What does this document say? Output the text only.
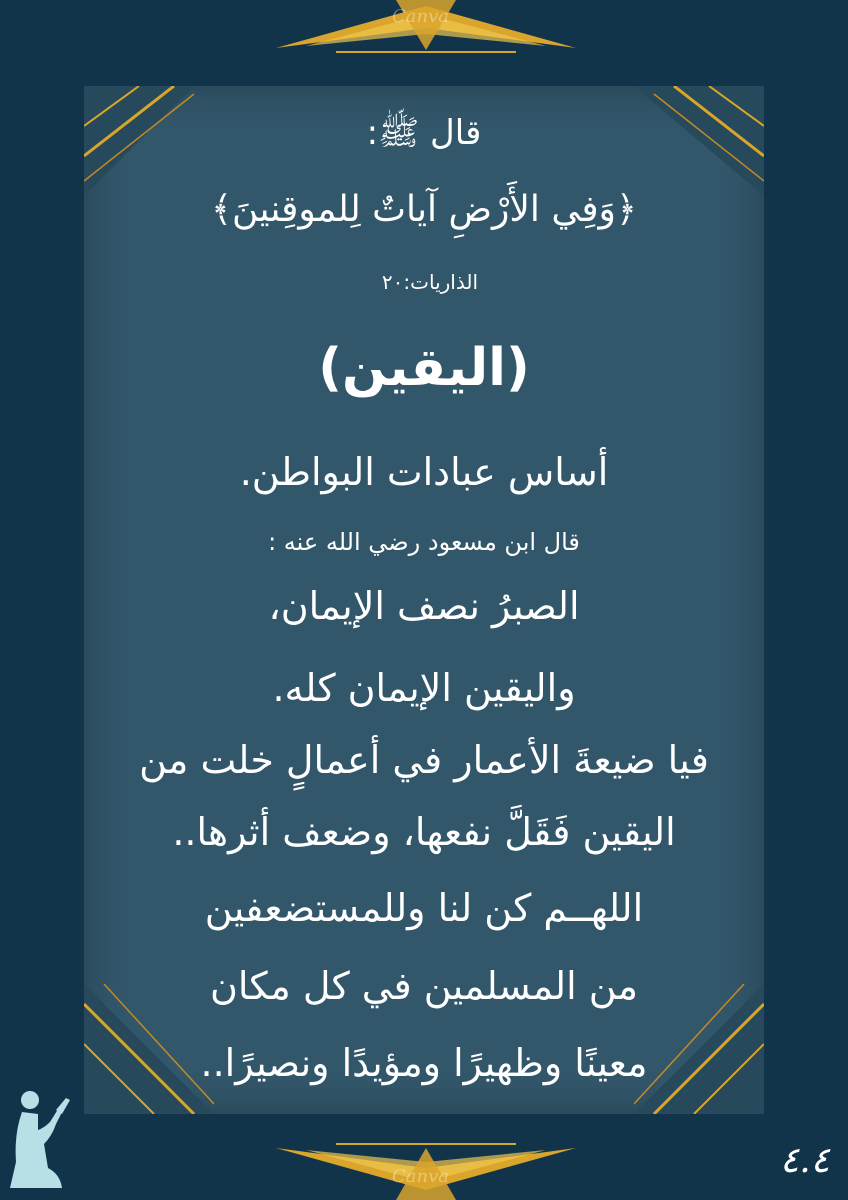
قال ﷺ:
﴿وَفِي الأَرْضِ آياتٌ لِلموقِنينَ﴾
الذاريات:٢٠
(اليقين)
أساس عبادات البواطن.
قال ابن مسعود رضي الله عنه :
الصبرُ نصف الإيمان،
واليقين الإيمان كله.
فيا ضيعةَ الأعمار في أعمالٍ خلت من
اليقين فَقَلَّ نفعها، وضعف أثرها..
اللهــم كن لنا وللمستضعفين
من المسلمين في كل مكان
معينًا وظهيرًا ومؤيدًا ونصيرًا..
Canva
Canva	٤.٤
